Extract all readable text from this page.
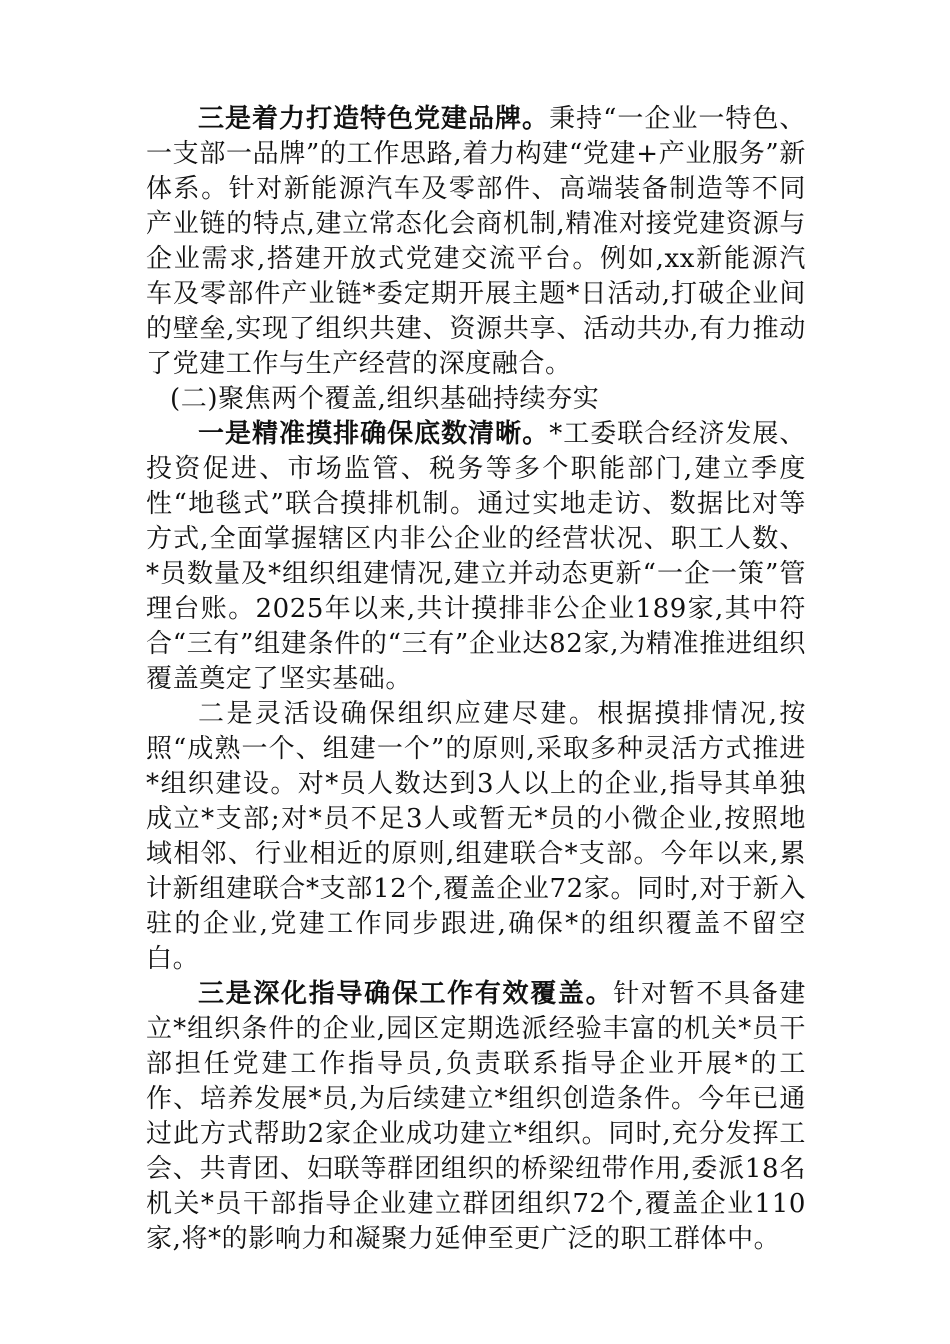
三是着力打造特色党建品牌。秉持“一企业一特色、一支部一品牌”的工作思路,着力构建“党建+产业服务”新体系。针对新能源汽车及零部件、高端装备制造等不同产业链的特点,建立常态化会商机制,精准对接党建资源与企业需求,搭建开放式党建交流平台。例如,xx新能源汽车及零部件产业链*委定期开展主题*日活动,打破企业间的壁垒,实现了组织共建、资源共享、活动共办,有力推动了党建工作与生产经营的深度融合。

(二)聚焦两个覆盖,组织基础持续夯实

一是精准摸排确保底数清晰。*工委联合经济发展、投资促进、市场监管、税务等多个职能部门,建立季度性“地毯式”联合摸排机制。通过实地走访、数据比对等方式,全面掌握辖区内非公企业的经营状况、职工人数、*员数量及*组织组建情况,建立并动态更新“一企一策”管理台账。2025年以来,共计摸排非公企业189家,其中符合“三有”组建条件的“三有”企业达82家,为精准推进组织覆盖奠定了坚实基础。

二是灵活设确保组织应建尽建。根据摸排情况,按照“成熟一个、组建一个”的原则,采取多种灵活方式推进*组织建设。对*员人数达到3人以上的企业,指导其单独成立*支部;对*员不足3人或暂无*员的小微企业,按照地域相邻、行业相近的原则,组建联合*支部。今年以来,累计新组建联合*支部12个,覆盖企业72家。同时,对于新入驻的企业,党建工作同步跟进,确保*的组织覆盖不留空白。

三是深化指导确保工作有效覆盖。针对暂不具备建立*组织条件的企业,园区定期选派经验丰富的机关*员干部担任党建工作指导员,负责联系指导企业开展*的工作、培养发展*员,为后续建立*组织创造条件。今年已通过此方式帮助2家企业成功建立*组织。同时,充分发挥工会、共青团、妇联等群团组织的桥梁纽带作用,委派18名机关*员干部指导企业建立群团组织72个,覆盖企业110家,将*的影响力和凝聚力延伸至更广泛的职工群体中。
